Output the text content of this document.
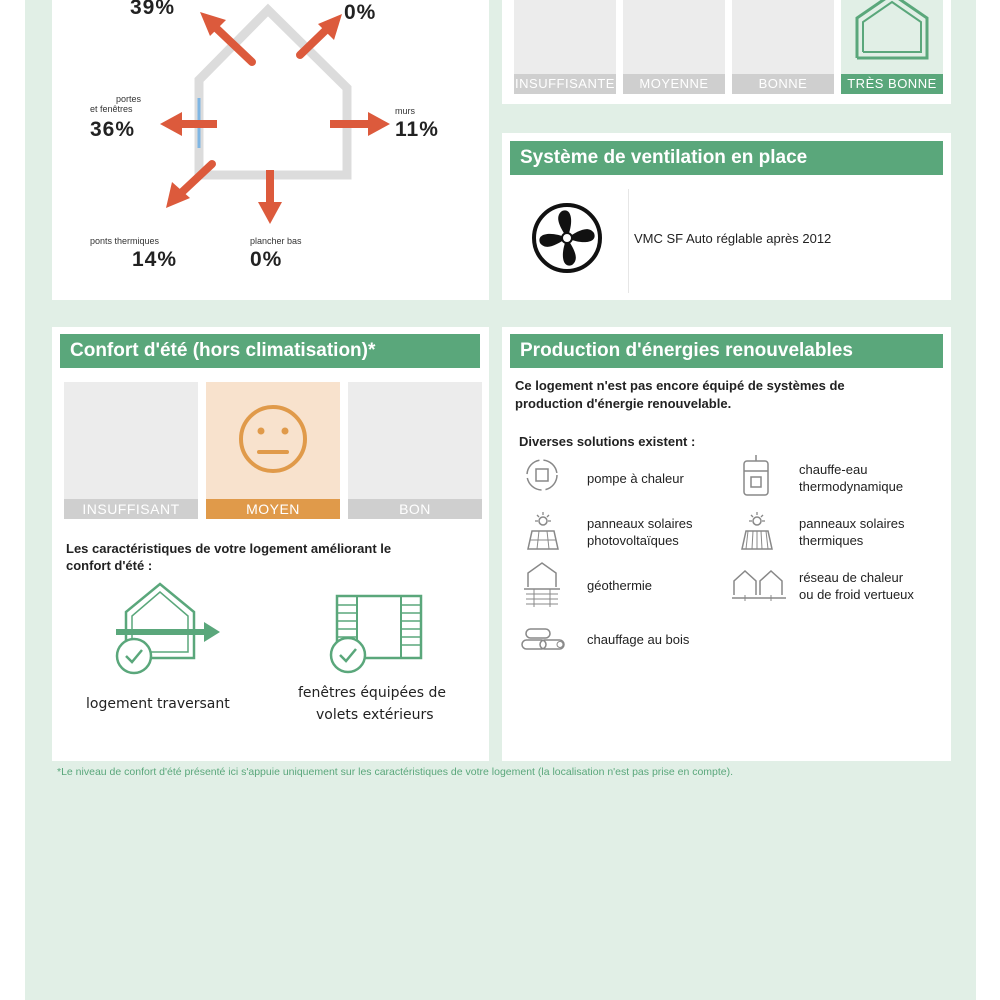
39%	0%
portes
et fenêtres
36%
murs
11%
ponts thermiques
14%
plancher bas
0%
INSUFFISANTE	MOYENNE	BONNE	TRÈS BONNE
Système de ventilation en place
VMC SF Auto réglable après 2012
Confort d'été (hors climatisation)*
INSUFFISANT	MOYEN	BON
Les caractéristiques de votre logement améliorant le
confort d'été :
logement traversant
fenêtres équipées de
volets extérieurs
Production d'énergies renouvelables
Ce logement n'est pas encore équipé de systèmes de
production d'énergie renouvelable.
Diverses solutions existent :
pompe à chaleur
chauffe-eau
thermodynamique
panneaux solaires
photovoltaïques
panneaux solaires
thermiques
géothermie
réseau de chaleur
ou de froid vertueux
chauffage au bois
*Le niveau de confort d'été présenté ici s'appuie uniquement sur les caractéristiques de votre logement (la localisation n'est pas prise en compte).
